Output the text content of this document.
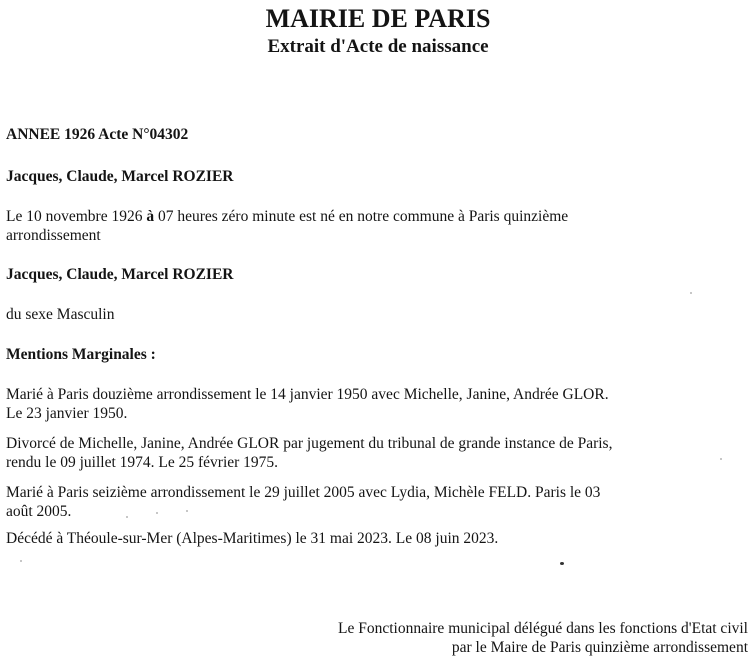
MAIRIE DE PARIS
Extrait d'Acte de naissance
ANNEE 1926 Acte N°04302
Jacques, Claude, Marcel ROZIER
Le 10 novembre 1926 à 07 heures zéro minute est né en notre commune à Paris quinzième
arrondissement
Jacques, Claude, Marcel ROZIER
du sexe Masculin
Mentions Marginales :
Marié à Paris douzième arrondissement le 14 janvier 1950 avec Michelle, Janine, Andrée GLOR.
Le 23 janvier 1950.
Divorcé de Michelle, Janine, Andrée GLOR par jugement du tribunal de grande instance de Paris,
rendu le 09 juillet 1974. Le 25 février 1975.
Marié à Paris seizième arrondissement le 29 juillet 2005 avec Lydia, Michèle FELD. Paris le 03
août 2005.
Décédé à Théoule-sur-Mer (Alpes-Maritimes) le 31 mai 2023. Le 08 juin 2023.
Le Fonctionnaire municipal délégué dans les fonctions d'Etat civil
par le Maire de Paris quinzième arrondissement
